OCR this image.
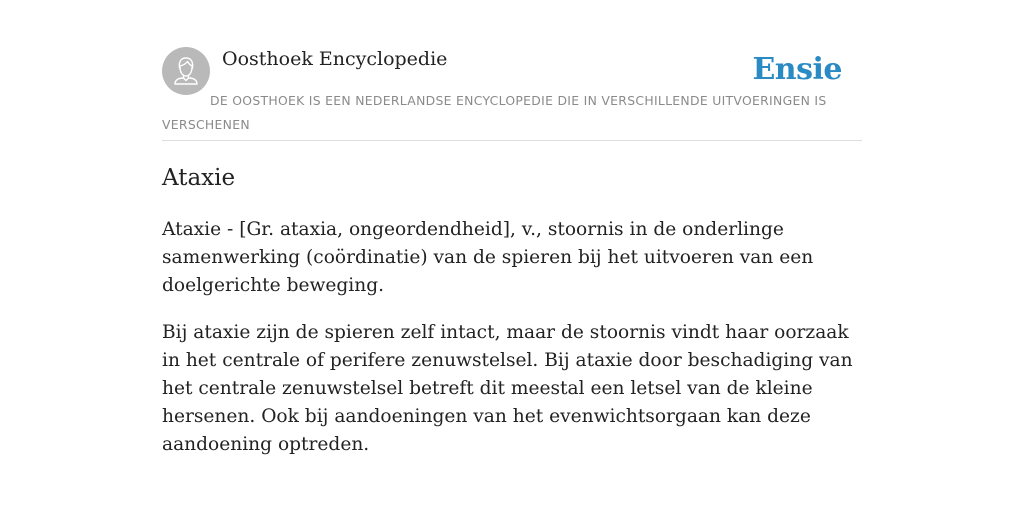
Oosthoek Encyclopedie	Ensie

DE OOSTHOEK IS EEN NEDERLANDSE ENCYCLOPEDIE DIE IN VERSCHILLENDE UITVOERINGEN IS VERSCHENEN

Ataxie

Ataxie - [Gr. ataxia, ongeordendheid], v., stoornis in de onderlinge samenwerking (coördinatie) van de spieren bij het uitvoeren van een doelgerichte beweging.

Bij ataxie zijn de spieren zelf intact, maar de stoornis vindt haar oorzaak in het centrale of perifere zenuwstelsel. Bij ataxie door beschadiging van het centrale zenuwstelsel betreft dit meestal een letsel van de kleine hersenen. Ook bij aandoeningen van het evenwichtsorgaan kan deze aandoening optreden.
